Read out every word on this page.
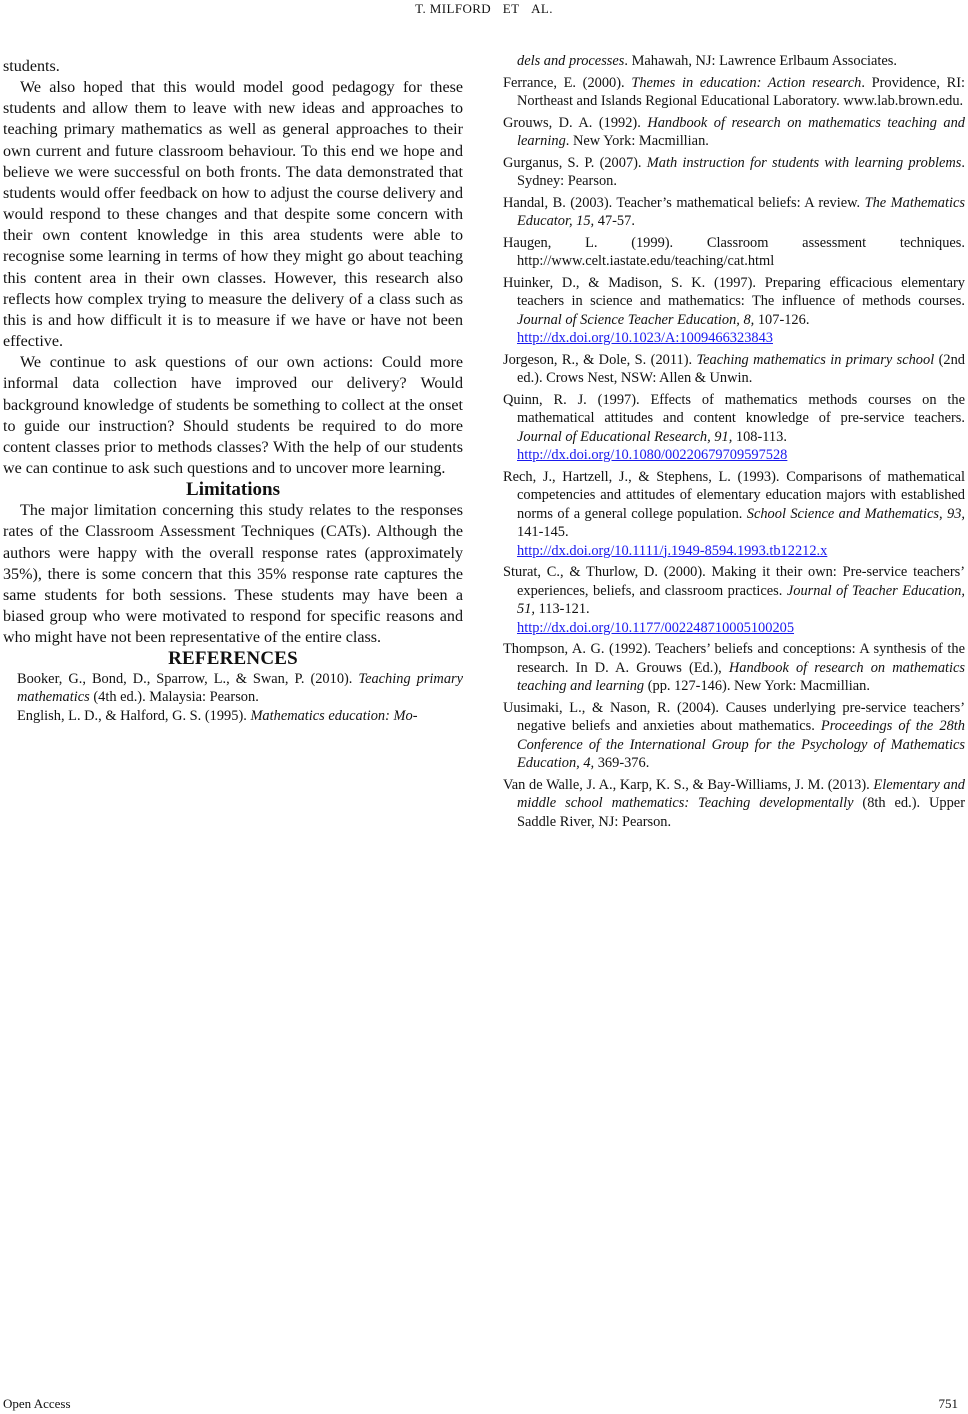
T. MILFORD ET AL.

students.

We also hoped that this would model good pedagogy for these students and allow them to leave with new ideas and approaches to teaching primary mathematics as well as general approaches to their own current and future classroom behaviour. To this end we hope and believe we were successful on both fronts. The data demonstrated that students would offer feedback on how to adjust the course delivery and would respond to these changes and that despite some concern with their own content knowledge in this area students were able to recognise some learning in terms of how they might go about teaching this content area in their own classes. However, this research also reflects how complex trying to measure the delivery of a class such as this is and how difficult it is to measure if we have or have not been effective.

We continue to ask questions of our own actions: Could more informal data collection have improved our delivery? Would background knowledge of students be something to collect at the onset to guide our instruction? Should students be required to do more content classes prior to methods classes? With the help of our students we can continue to ask such questions and to uncover more learning.

Limitations

The major limitation concerning this study relates to the responses rates of the Classroom Assessment Techniques (CATs). Although the authors were happy with the overall response rates (approximately 35%), there is some concern that this 35% response rate captures the same students for both sessions. These students may have been a biased group who were motivated to respond for specific reasons and who might have not been representative of the entire class.

REFERENCES

Booker, G., Bond, D., Sparrow, L., & Swan, P. (2010). Teaching primary mathematics (4th ed.). Malaysia: Pearson.

English, L. D., & Halford, G. S. (1995). Mathematics education: Mo-

dels and processes. Mahawah, NJ: Lawrence Erlbaum Associates.

Ferrance, E. (2000). Themes in education: Action research. Providence, RI: Northeast and Islands Regional Educational Laboratory. www.lab.brown.edu.

Grouws, D. A. (1992). Handbook of research on mathematics teaching and learning. New York: Macmillian.

Gurganus, S. P. (2007). Math instruction for students with learning problems. Sydney: Pearson.

Handal, B. (2003). Teacher’s mathematical beliefs: A review. The Mathematics Educator, 15, 47-57.

Haugen, L. (1999). Classroom assessment techniques. http://www.celt.iastate.edu/teaching/cat.html

Huinker, D., & Madison, S. K. (1997). Preparing efficacious elementary teachers in science and mathematics: The influence of methods courses. Journal of Science Teacher Education, 8, 107-126.
http://dx.doi.org/10.1023/A:1009466323843

Jorgeson, R., & Dole, S. (2011). Teaching mathematics in primary school (2nd ed.). Crows Nest, NSW: Allen & Unwin.

Quinn, R. J. (1997). Effects of mathematics methods courses on the mathematical attitudes and content knowledge of pre-service teachers. Journal of Educational Research, 91, 108-113.
http://dx.doi.org/10.1080/00220679709597528

Rech, J., Hartzell, J., & Stephens, L. (1993). Comparisons of mathematical competencies and attitudes of elementary education majors with established norms of a general college population. School Science and Mathematics, 93, 141-145.
http://dx.doi.org/10.1111/j.1949-8594.1993.tb12212.x

Sturat, C., & Thurlow, D. (2000). Making it their own: Pre-service teachers’ experiences, beliefs, and classroom practices. Journal of Teacher Education, 51, 113-121.
http://dx.doi.org/10.1177/002248710005100205

Thompson, A. G. (1992). Teachers’ beliefs and conceptions: A synthesis of the research. In D. A. Grouws (Ed.), Handbook of research on mathematics teaching and learning (pp. 127-146). New York: Macmillian.

Uusimaki, L., & Nason, R. (2004). Causes underlying pre-service teachers’ negative beliefs and anxieties about mathematics. Proceedings of the 28th Conference of the International Group for the Psychology of Mathematics Education, 4, 369-376.

Van de Walle, J. A., Karp, K. S., & Bay-Williams, J. M. (2013). Elementary and middle school mathematics: Teaching developmentally (8th ed.). Upper Saddle River, NJ: Pearson.

Open Access	751
